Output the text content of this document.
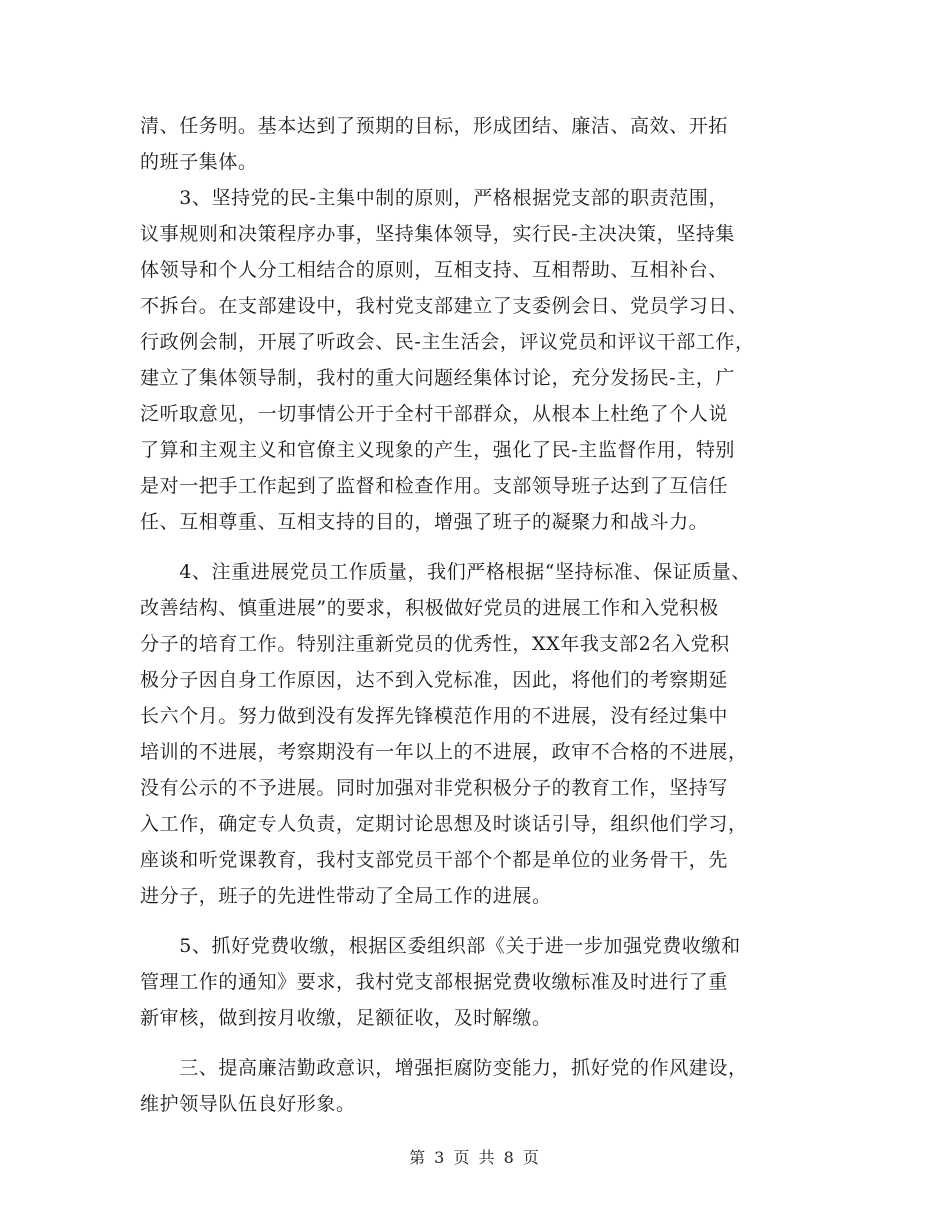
清、任务明。基本达到了预期的目标，形成团结、廉洁、高效、开拓
的班子集体。
　　3、坚持党的民-主集中制的原则，严格根据党支部的职责范围，
议事规则和决策程序办事，坚持集体领导，实行民-主决决策，坚持集
体领导和个人分工相结合的原则，互相支持、互相帮助、互相补台、
不拆台。在支部建设中，我村党支部建立了支委例会日、党员学习日、
行政例会制，开展了听政会、民-主生活会，评议党员和评议干部工作，
建立了集体领导制，我村的重大问题经集体讨论，充分发扬民-主，广
泛听取意见，一切事情公开于全村干部群众，从根本上杜绝了个人说
了算和主观主义和官僚主义现象的产生，强化了民-主监督作用，特别
是对一把手工作起到了监督和检查作用。支部领导班子达到了互信任
任、互相尊重、互相支持的目的，增强了班子的凝聚力和战斗力。
　　4、注重进展党员工作质量，我们严格根据“坚持标准、保证质量、
改善结构、慎重进展”的要求，积极做好党员的进展工作和入党积极
分子的培育工作。特别注重新党员的优秀性，XX年我支部2名入党积
极分子因自身工作原因，达不到入党标准，因此，将他们的考察期延
长六个月。努力做到没有发挥先锋模范作用的不进展，没有经过集中
培训的不进展，考察期没有一年以上的不进展，政审不合格的不进展，
没有公示的不予进展。同时加强对非党积极分子的教育工作，坚持写
入工作，确定专人负责，定期讨论思想及时谈话引导，组织他们学习，
座谈和听党课教育，我村支部党员干部个个都是单位的业务骨干，先
进分子，班子的先进性带动了全局工作的进展。
　　5、抓好党费收缴，根据区委组织部《关于进一步加强党费收缴和
管理工作的通知》要求，我村党支部根据党费收缴标准及时进行了重
新审核，做到按月收缴，足额征收，及时解缴。
　　三、提高廉洁勤政意识，增强拒腐防变能力，抓好党的作风建设，
维护领导队伍良好形象。
第 3 页 共 8 页
